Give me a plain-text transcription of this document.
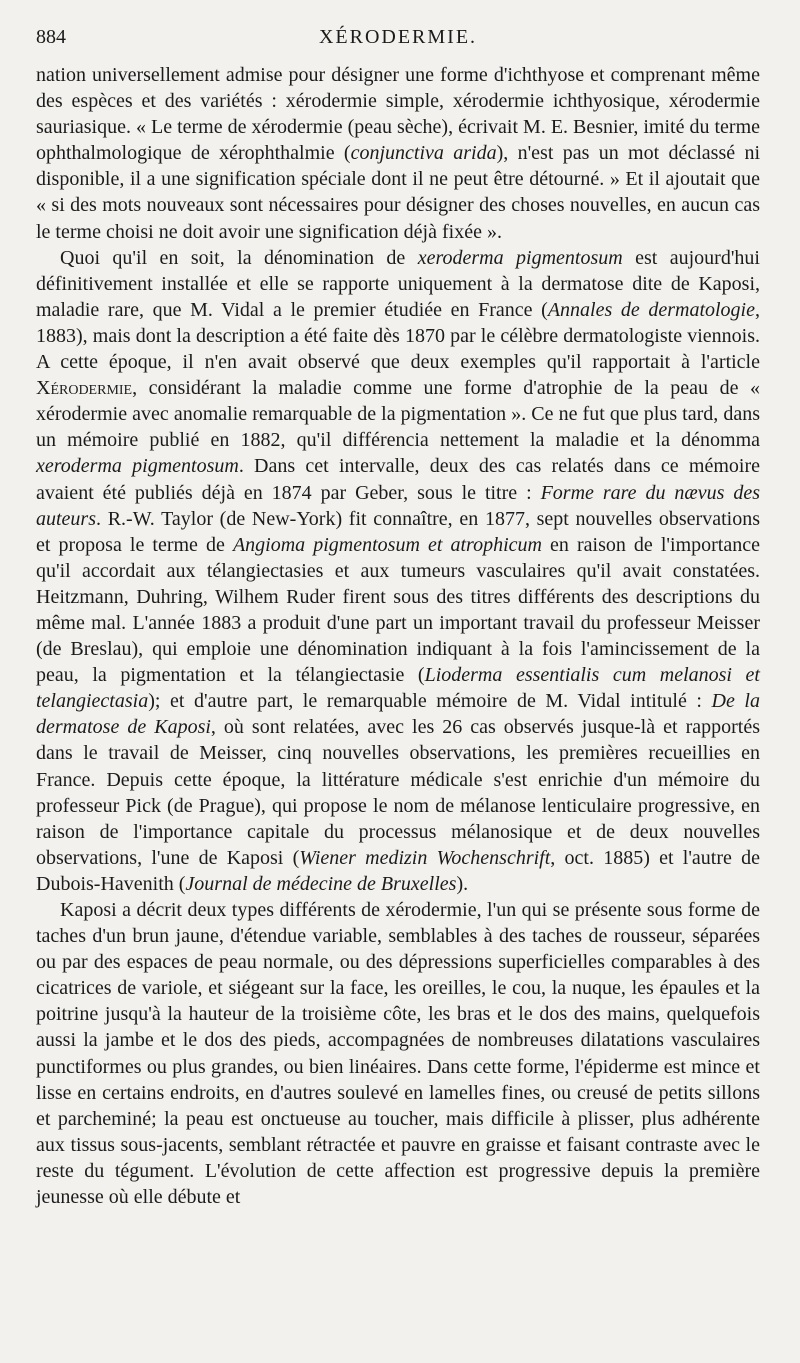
884	XÉRODERMIE.

nation universellement admise pour désigner une forme d'ichthyose et comprenant même des espèces et des variétés : xérodermie simple, xérodermie ichthyosique, xérodermie sauriasique. « Le terme de xérodermie (peau sèche), écrivait M. E. Besnier, imité du terme ophthalmologique de xérophthalmie (conjunctiva arida), n'est pas un mot déclassé ni disponible, il a une signification spéciale dont il ne peut être détourné. » Et il ajoutait que « si des mots nouveaux sont nécessaires pour désigner des choses nouvelles, en aucun cas le terme choisi ne doit avoir une signification déjà fixée ».

Quoi qu'il en soit, la dénomination de xeroderma pigmentosum est aujourd'hui définitivement installée et elle se rapporte uniquement à la dermatose dite de Kaposi, maladie rare, que M. Vidal a le premier étudiée en France (Annales de dermatologie, 1883), mais dont la description a été faite dès 1870 par le célèbre dermatologiste viennois. A cette époque, il n'en avait observé que deux exemples qu'il rapportait à l'article Xérodermie, considérant la maladie comme une forme d'atrophie de la peau de « xérodermie avec anomalie remarquable de la pigmentation ». Ce ne fut que plus tard, dans un mémoire publié en 1882, qu'il différencia nettement la maladie et la dénomma xeroderma pigmentosum. Dans cet intervalle, deux des cas relatés dans ce mémoire avaient été publiés déjà en 1874 par Geber, sous le titre : Forme rare du nævus des auteurs. R.-W. Taylor (de New-York) fit connaître, en 1877, sept nouvelles observations et proposa le terme de Angioma pigmentosum et atrophicum en raison de l'importance qu'il accordait aux télangiectasies et aux tumeurs vasculaires qu'il avait constatées. Heitzmann, Duhring, Wilhem Ruder firent sous des titres différents des descriptions du même mal. L'année 1883 a produit d'une part un important travail du professeur Meisser (de Breslau), qui emploie une dénomination indiquant à la fois l'amincissement de la peau, la pigmentation et la télangiectasie (Lioderma essentialis cum melanosi et telangiectasia); et d'autre part, le remarquable mémoire de M. Vidal intitulé : De la dermatose de Kaposi, où sont relatées, avec les 26 cas observés jusque-là et rapportés dans le travail de Meisser, cinq nouvelles observations, les premières recueillies en France. Depuis cette époque, la littérature médicale s'est enrichie d'un mémoire du professeur Pick (de Prague), qui propose le nom de mélanose lenticulaire progressive, en raison de l'importance capitale du processus mélanosique et de deux nouvelles observations, l'une de Kaposi (Wiener medizin Wochenschrift, oct. 1885) et l'autre de Dubois-Havenith (Journal de médecine de Bruxelles).

Kaposi a décrit deux types différents de xérodermie, l'un qui se présente sous forme de taches d'un brun jaune, d'étendue variable, semblables à des taches de rousseur, séparées ou par des espaces de peau normale, ou des dépressions superficielles comparables à des cicatrices de variole, et siégeant sur la face, les oreilles, le cou, la nuque, les épaules et la poitrine jusqu'à la hauteur de la troisième côte, les bras et le dos des mains, quelquefois aussi la jambe et le dos des pieds, accompagnées de nombreuses dilatations vasculaires punctiformes ou plus grandes, ou bien linéaires. Dans cette forme, l'épiderme est mince et lisse en certains endroits, en d'autres soulevé en lamelles fines, ou creusé de petits sillons et parcheminé; la peau est onctueuse au toucher, mais difficile à plisser, plus adhérente aux tissus sous-jacents, semblant rétractée et pauvre en graisse et faisant contraste avec le reste du tégument. L'évolution de cette affection est progressive depuis la première jeunesse où elle débute et
